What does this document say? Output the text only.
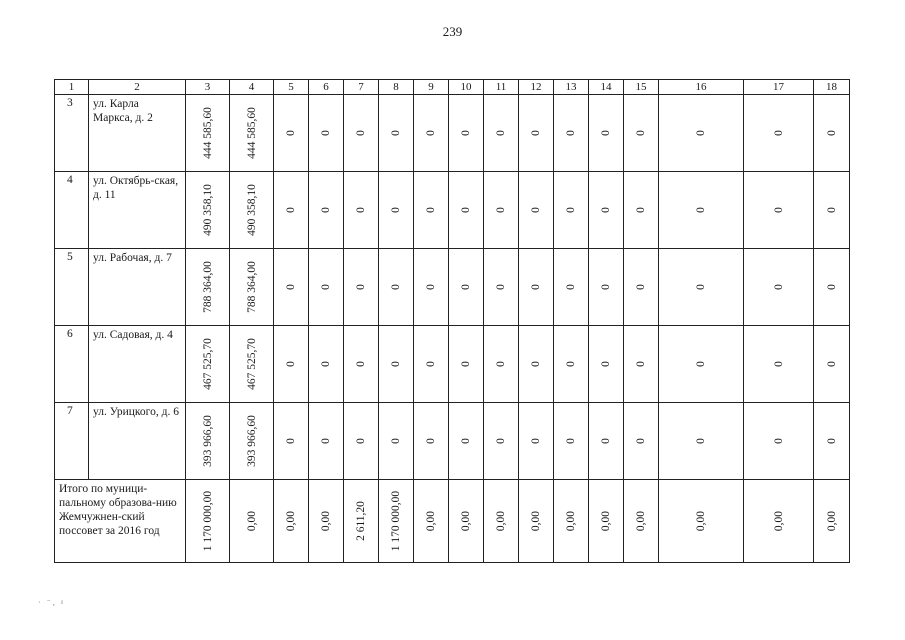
239
1	2	3	4	5	6	7	8	9	10	11	12	13	14	15	16	17	18
3	ул. Карла Маркса, д. 2	444 585,60	444 585,60	0	0	0	0	0	0	0	0	0	0	0	0	0	0
4	ул. Октябрь-ская, д. 11	490 358,10	490 358,10	0	0	0	0	0	0	0	0	0	0	0	0	0	0
5	ул. Рабочая, д. 7	788 364,00	788 364,00	0	0	0	0	0	0	0	0	0	0	0	0	0	0
6	ул. Садовая, д. 4	467 525,70	467 525,70	0	0	0	0	0	0	0	0	0	0	0	0	0	0
7	ул. Урицкого, д. 6	393 966,60	393 966,60	0	0	0	0	0	0	0	0	0	0	0	0	0	0
Итого по муници-пальному образова-нию Жемчужнен-ский поссовет за 2016 год		1 170 000,00	0,00	0,00	0,00	2 611,20	1 170 000,00	0,00	0,00	0,00	0,00	0,00	0,00	0,00	0,00	0,00	0,00
· ⁻, ᵡ
